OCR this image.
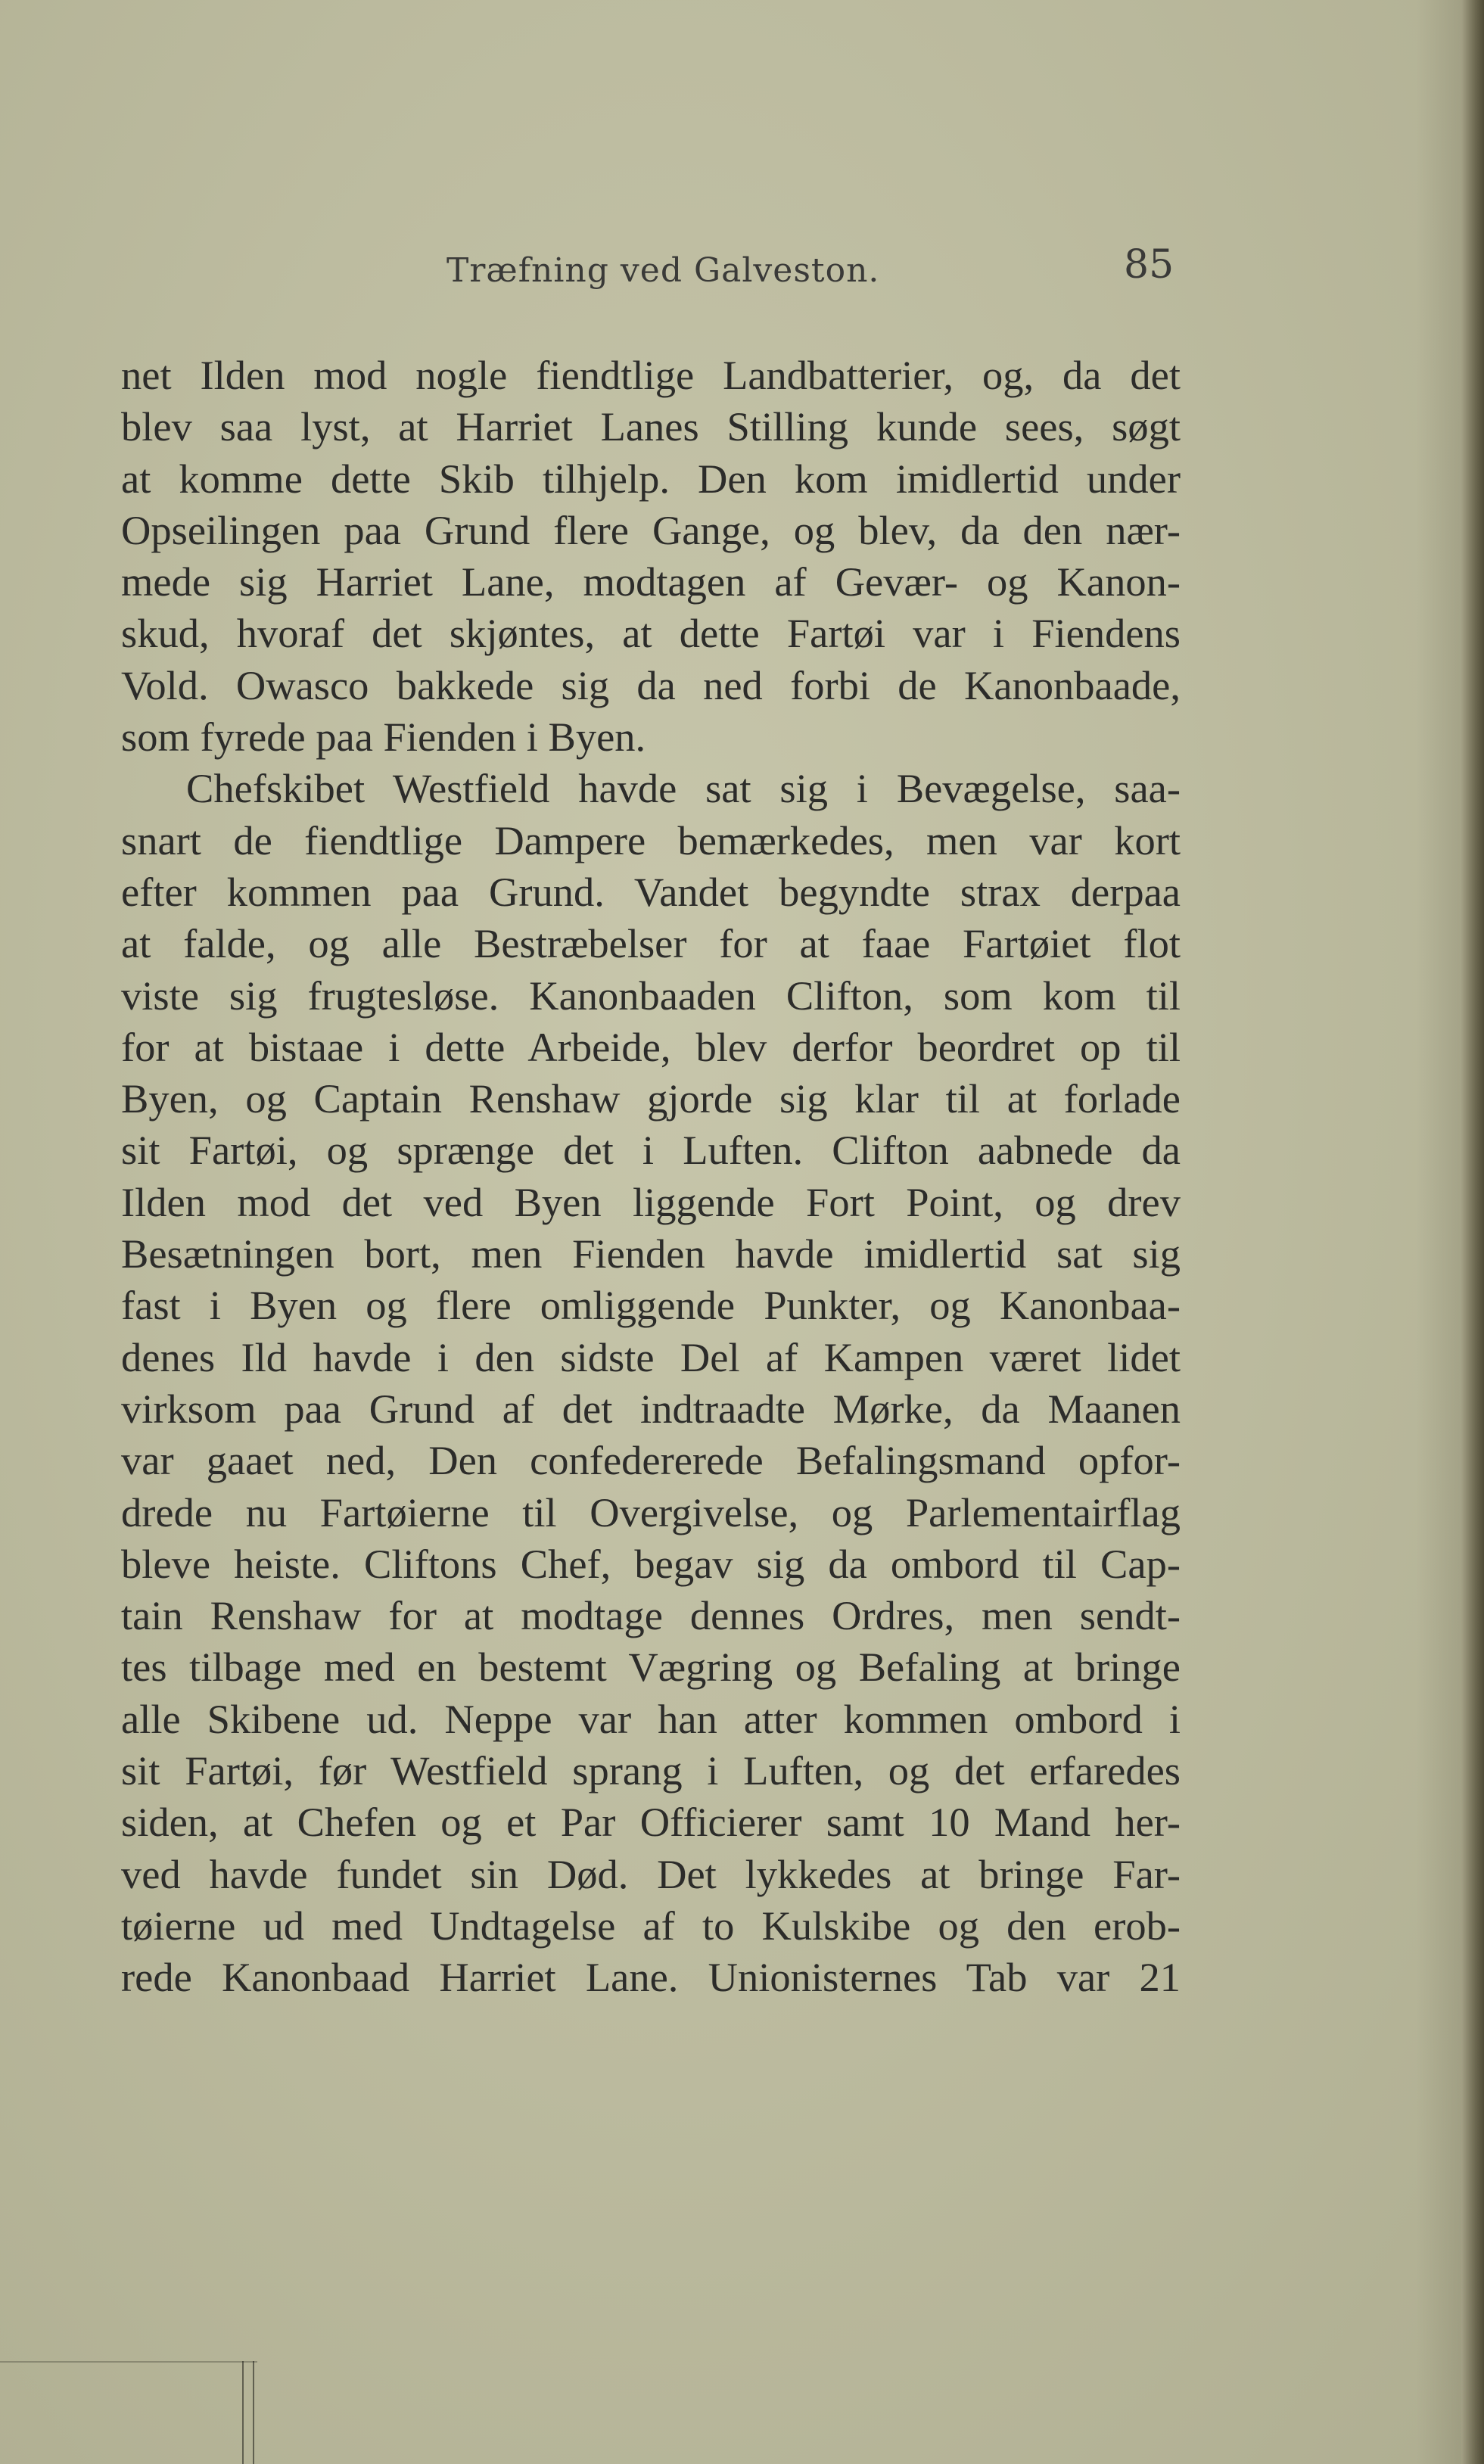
Træfning ved Galveston.	85
net Ilden mod nogle fiendtlige Landbatterier, og, da det
blev saa lyst, at Harriet Lanes Stilling kunde sees, søgt
at komme dette Skib tilhjelp. Den kom imidlertid under
Opseilingen paa Grund flere Gange, og blev, da den nær-
mede sig Harriet Lane, modtagen af Gevær- og Kanon-
skud, hvoraf det skjøntes, at dette Fartøi var i Fiendens
Vold. Owasco bakkede sig da ned forbi de Kanonbaade,
som fyrede paa Fienden i Byen.
Chefskibet Westfield havde sat sig i Bevægelse, saa-
snart de fiendtlige Dampere bemærkedes, men var kort
efter kommen paa Grund. Vandet begyndte strax derpaa
at falde, og alle Bestræbelser for at faae Fartøiet flot
viste sig frugtesløse. Kanonbaaden Clifton, som kom til
for at bistaae i dette Arbeide, blev derfor beordret op til
Byen, og Captain Renshaw gjorde sig klar til at forlade
sit Fartøi, og sprænge det i Luften. Clifton aabnede da
Ilden mod det ved Byen liggende Fort Point, og drev
Besætningen bort, men Fienden havde imidlertid sat sig
fast i Byen og flere omliggende Punkter, og Kanonbaa-
denes Ild havde i den sidste Del af Kampen været lidet
virksom paa Grund af det indtraadte Mørke, da Maanen
var gaaet ned, Den confedererede Befalingsmand opfor-
drede nu Fartøierne til Overgivelse, og Parlementairflag
bleve heiste. Cliftons Chef, begav sig da ombord til Cap-
tain Renshaw for at modtage dennes Ordres, men sendt-
tes tilbage med en bestemt Vægring og Befaling at bringe
alle Skibene ud. Neppe var han atter kommen ombord i
sit Fartøi, før Westfield sprang i Luften, og det erfaredes
siden, at Chefen og et Par Officierer samt 10 Mand her-
ved havde fundet sin Død. Det lykkedes at bringe Far-
tøierne ud med Undtagelse af to Kulskibe og den erob-
rede Kanonbaad Harriet Lane. Unionisternes Tab var 21
